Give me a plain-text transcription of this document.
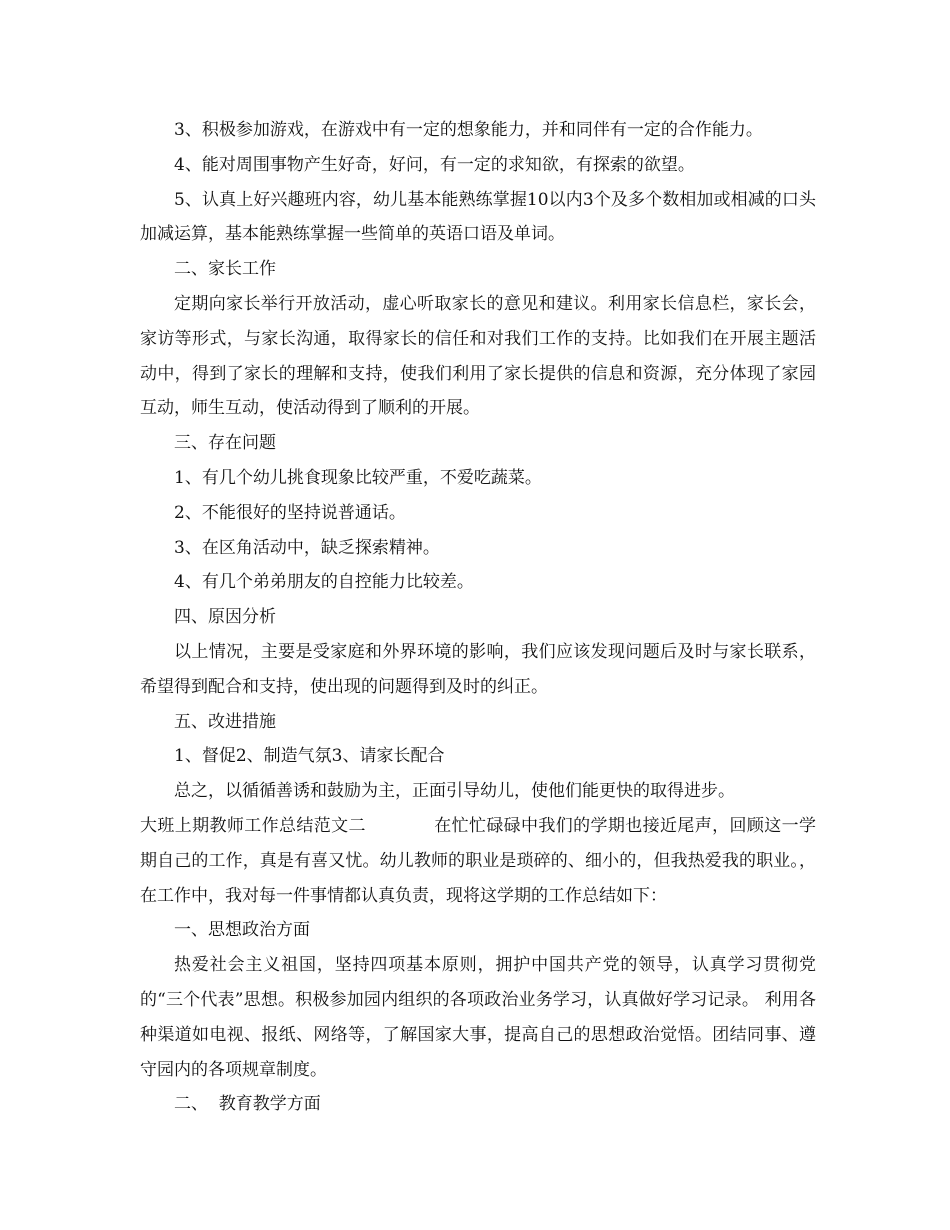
3、积极参加游戏，在游戏中有一定的想象能力，并和同伴有一定的合作能力。

4、能对周围事物产生好奇，好问，有一定的求知欲，有探索的欲望。

5、认真上好兴趣班内容，幼儿基本能熟练掌握10以内3个及多个数相加或相减的口头加减运算，基本能熟练掌握一些简单的英语口语及单词。

二、家长工作

定期向家长举行开放活动，虚心听取家长的意见和建议。利用家长信息栏，家长会，家访等形式，与家长沟通，取得家长的信任和对我们工作的支持。比如我们在开展主题活动中，得到了家长的理解和支持，使我们利用了家长提供的信息和资源，充分体现了家园互动，师生互动，使活动得到了顺利的开展。

三、存在问题

1、有几个幼儿挑食现象比较严重，不爱吃蔬菜。

2、不能很好的坚持说普通话。

3、在区角活动中，缺乏探索精神。

4、有几个弟弟朋友的自控能力比较差。

四、原因分析

以上情况，主要是受家庭和外界环境的影响，我们应该发现问题后及时与家长联系，希望得到配合和支持，使出现的问题得到及时的纠正。

五、改进措施

1、督促2、制造气氛3、请家长配合

总之，以循循善诱和鼓励为主，正面引导幼儿，使他们能更快的取得进步。

大班上期教师工作总结范文二	在忙忙碌碌中我们的学期也接近尾声，回顾这一学期自己的工作，真是有喜又忧。幼儿教师的职业是琐碎的、细小的，但我热爱我的职业。，在工作中，我对每一件事情都认真负责，现将这学期的工作总结如下：

一、思想政治方面

热爱社会主义祖国，坚持四项基本原则，拥护中国共产党的领导，认真学习贯彻党的“三个代表”思想。积极参加园内组织的各项政治业务学习，认真做好学习记录。 利用各种渠道如电视、报纸、网络等，了解国家大事，提高自己的思想政治觉悟。团结同事、遵守园内的各项规章制度。

二、  教育教学方面
